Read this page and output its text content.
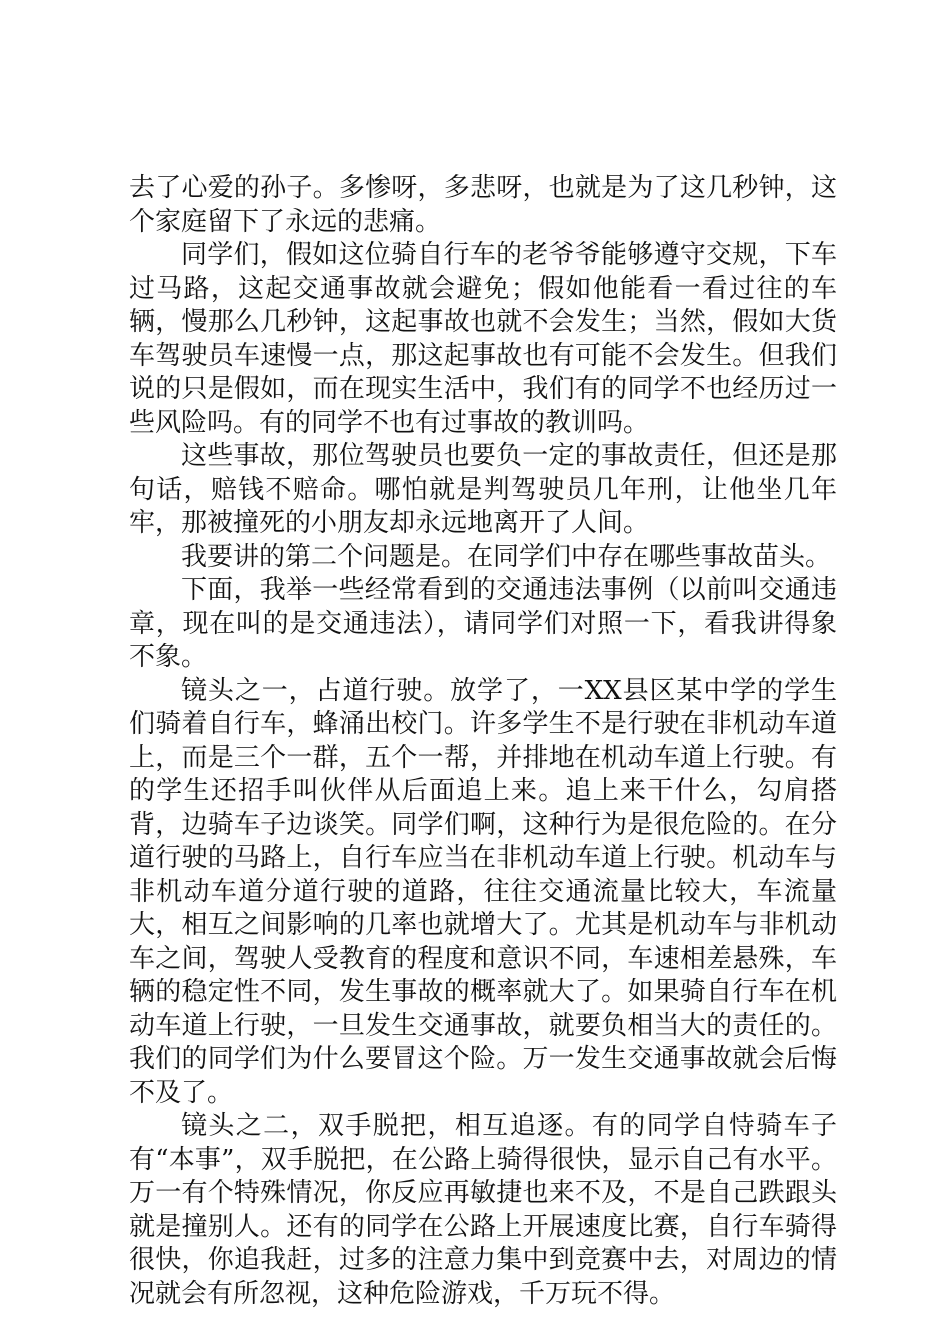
去了心爱的孙子。多惨呀，多悲呀，也就是为了这几秒钟，这个家庭留下了永远的悲痛。

同学们，假如这位骑自行车的老爷爷能够遵守交规，下车过马路，这起交通事故就会避免；假如他能看一看过往的车辆，慢那么几秒钟，这起事故也就不会发生；当然，假如大货车驾驶员车速慢一点，那这起事故也有可能不会发生。但我们说的只是假如，而在现实生活中，我们有的同学不也经历过一些风险吗。有的同学不也有过事故的教训吗。

这些事故，那位驾驶员也要负一定的事故责任，但还是那句话，赔钱不赔命。哪怕就是判驾驶员几年刑，让他坐几年牢，那被撞死的小朋友却永远地离开了人间。

我要讲的第二个问题是。在同学们中存在哪些事故苗头。

下面，我举一些经常看到的交通违法事例（以前叫交通违章，现在叫的是交通违法），请同学们对照一下，看我讲得象不象。

镜头之一，占道行驶。放学了，一XX县区某中学的学生们骑着自行车，蜂涌出校门。许多学生不是行驶在非机动车道上，而是三个一群，五个一帮，并排地在机动车道上行驶。有的学生还招手叫伙伴从后面追上来。追上来干什么，勾肩搭背，边骑车子边谈笑。同学们啊，这种行为是很危险的。在分道行驶的马路上，自行车应当在非机动车道上行驶。机动车与非机动车道分道行驶的道路，往往交通流量比较大，车流量大，相互之间影响的几率也就增大了。尤其是机动车与非机动车之间，驾驶人受教育的程度和意识不同，车速相差悬殊，车辆的稳定性不同，发生事故的概率就大了。如果骑自行车在机动车道上行驶，一旦发生交通事故，就要负相当大的责任的。我们的同学们为什么要冒这个险。万一发生交通事故就会后悔不及了。

镜头之二，双手脱把，相互追逐。有的同学自恃骑车子有“本事”，双手脱把，在公路上骑得很快，显示自己有水平。万一有个特殊情况，你反应再敏捷也来不及，不是自己跌跟头就是撞别人。还有的同学在公路上开展速度比赛，自行车骑得很快，你追我赶，过多的注意力集中到竞赛中去，对周边的情况就会有所忽视，这种危险游戏，千万玩不得。
